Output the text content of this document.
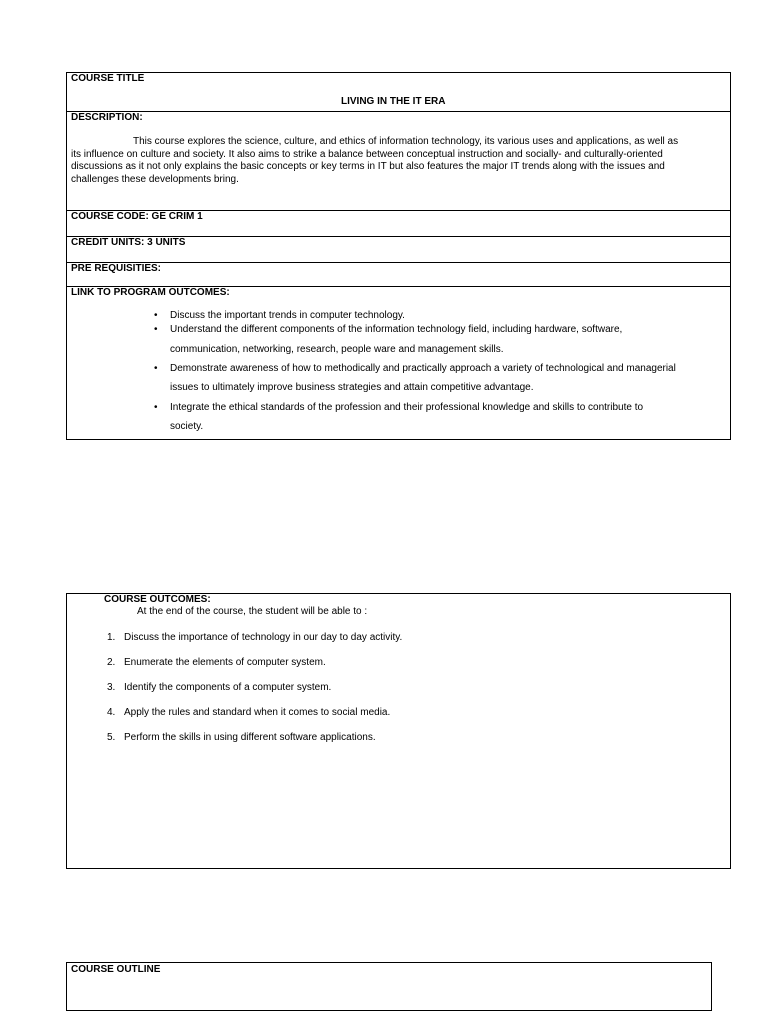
COURSE TITLE
LIVING IN THE IT ERA
DESCRIPTION:
This course explores the science, culture, and ethics of information technology, its various uses and applications, as well as
its influence on culture and society. It also aims to strike a balance between conceptual instruction and socially- and culturally-oriented
discussions as it not only explains the basic concepts or key terms in IT but also features the major IT trends along with the issues and
challenges these developments bring.
COURSE CODE: GE CRIM 1
CREDIT UNITS: 3 UNITS
PRE REQUISITIES:
LINK TO PROGRAM OUTCOMES:
• Discuss the important trends in computer technology.
• Understand the different components of the information technology field, including hardware, software,
communication, networking, research, people ware and management skills.
• Demonstrate awareness of how to methodically and practically approach a variety of technological and managerial
issues to ultimately improve business strategies and attain competitive advantage.
• Integrate the ethical standards of the profession and their professional knowledge and skills to contribute to
society.
COURSE OUTCOMES:
At the end of the course, the student will be able to :
1. Discuss the importance of technology in our day to day activity.
2. Enumerate the elements of computer system.
3. Identify the components of a computer system.
4. Apply the rules and standard when it comes to social media.
5. Perform the skills in using different software applications.
COURSE OUTLINE
